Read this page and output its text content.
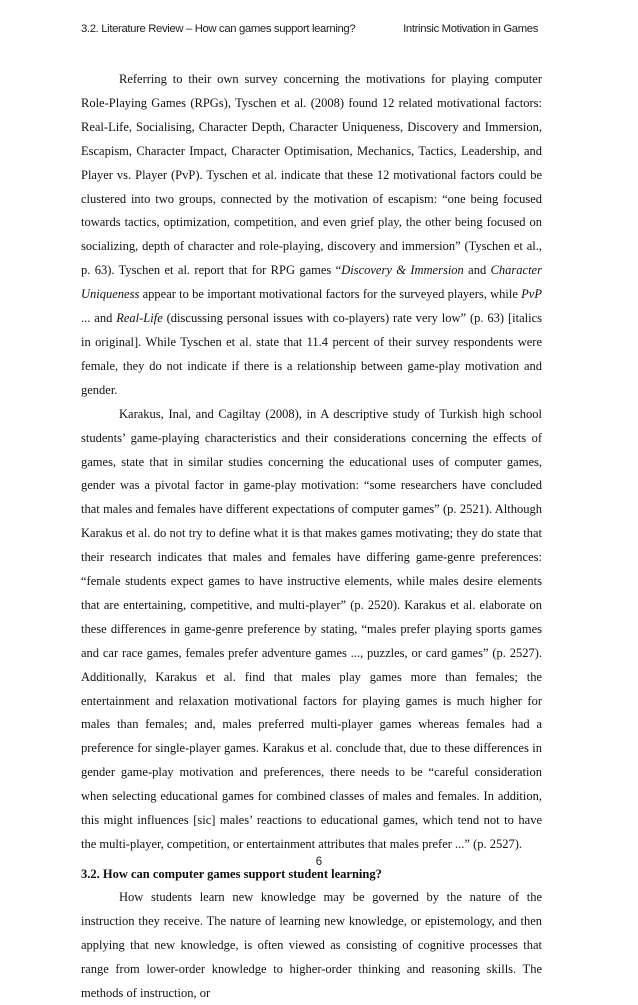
3.2. Literature Review – How can games support learning?	Intrinsic Motivation in Games

Referring to their own survey concerning the motivations for playing computer Role-Playing Games (RPGs), Tyschen et al. (2008) found 12 related motivational factors: Real-Life, Socialising, Character Depth, Character Uniqueness, Discovery and Immersion, Escapism, Character Impact, Character Optimisation, Mechanics, Tactics, Leadership, and Player vs. Player (PvP). Tyschen et al. indicate that these 12 motivational factors could be clustered into two groups, connected by the motivation of escapism: “one being focused towards tactics, optimization, competition, and even grief play, the other being focused on socializing, depth of character and role-playing, discovery and immersion” (Tyschen et al., p. 63). Tyschen et al. report that for RPG games “Discovery & Immersion and Character Uniqueness appear to be important motivational factors for the surveyed players, while PvP ... and Real-Life (discussing personal issues with co-players) rate very low” (p. 63) [italics in original]. While Tyschen et al. state that 11.4 percent of their survey respondents were female, they do not indicate if there is a relationship between game-play motivation and gender.

Karakus, Inal, and Cagiltay (2008), in A descriptive study of Turkish high school students’ game-playing characteristics and their considerations concerning the effects of games, state that in similar studies concerning the educational uses of computer games, gender was a pivotal factor in game-play motivation: “some researchers have concluded that males and females have different expectations of computer games” (p. 2521). Although Karakus et al. do not try to define what it is that makes games motivating; they do state that their research indicates that males and females have differing game-genre preferences: “female students expect games to have instructive elements, while males desire elements that are entertaining, competitive, and multi-player” (p. 2520). Karakus et al. elaborate on these differences in game-genre preference by stating, “males prefer playing sports games and car race games, females prefer adventure games ..., puzzles, or card games” (p. 2527). Additionally, Karakus et al. find that males play games more than females; the entertainment and relaxation motivational factors for playing games is much higher for males than females; and, males preferred multi-player games whereas females had a preference for single-player games. Karakus et al. conclude that, due to these differences in gender game-play motivation and preferences, there needs to be “careful consideration when selecting educational games for combined classes of males and females. In addition, this might influences [sic] males’ reactions to educational games, which tend not to have the multi-player, competition, or entertainment attributes that males prefer ...” (p. 2527).

3.2. How can computer games support student learning?

How students learn new knowledge may be governed by the nature of the instruction they receive. The nature of learning new knowledge, or epistemology, and then applying that new knowledge, is often viewed as consisting of cognitive processes that range from lower-order knowledge to higher-order thinking and reasoning skills. The methods of instruction, or

6
